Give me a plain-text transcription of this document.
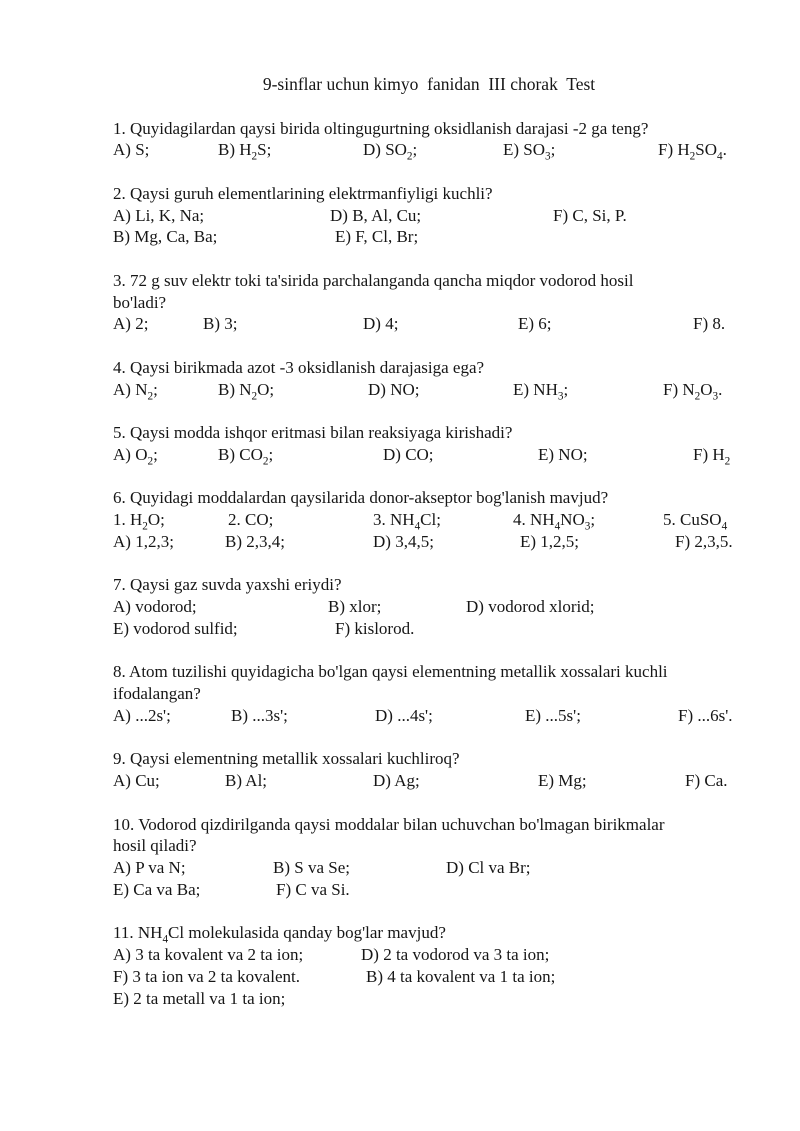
9-sinflar uchun kimyo  fanidan  III chorak  Test
1. Quyidagilardan qaysi birida oltingugurtning oksidlanish darajasi -2 ga teng?
A) S;	B) $H_2S$;	D) $SO_2$;	E) $SO_3$;	F) $H_2SO_4$.
2. Qaysi guruh elementlarining elektrmanfiyligi kuchli?
A) Li, K, Na;	D) B, Al, Cu;	F) C, Si, P.
B) Mg, Ca, Ba;	E) F, Cl, Br;
3. 72 g suv elektr toki ta'sirida parchalanganda qancha miqdor vodorod hosil
bo'ladi?
A) 2;	B) 3;	D) 4;	E) 6;	F) 8.
4. Qaysi birikmada azot -3 oksidlanish darajasiga ega?
A) $N_2$;	B) $N_2O$;	D) NO;	E) $NH_3$;	F) $N_2O_3$.
5. Qaysi modda ishqor eritmasi bilan reaksiyaga kirishadi?
A) $O_2$;	B) $CO_2$;	D) CO;	E) NO;	F) $H_2$
6. Quyidagi moddalardan qaysilarida donor-akseptor bog'lanish mavjud?
1. $H_2O$;	2. CO;	3. $NH_4Cl$;	4. $NH_4NO_3$;	5. CuSO$_4$
A) 1,2,3;	B) 2,3,4;	D) 3,4,5;	E) 1,2,5;	F) 2,3,5.
7. Qaysi gaz suvda yaxshi eriydi?
A) vodorod;	B) xlor;	D) vodorod xlorid;
E) vodorod sulfid;	F) kislorod.
8. Atom tuzilishi quyidagicha bo'lgan qaysi elementning metallik xossalari kuchli
ifodalangan?
A) ...2s';	B) ...3s';	D) ...4s';	E) ...5s';	F) ...6s'.
9. Qaysi elementning metallik xossalari kuchliroq?
A) Cu;	B) Al;	D) Ag;	E) Mg;	F) Ca.
10. Vodorod qizdirilganda qaysi moddalar bilan uchuvchan bo'lmagan birikmalar
hosil qiladi?
A) P va N;	B) S va Se;	D) Cl va Br;
E) Ca va Ba;	F) C va Si.
11. $NH_4Cl$ molekulasida qanday bog'lar mavjud?
A) 3 ta kovalent va 2 ta ion;	D) 2 ta vodorod va 3 ta ion;
F) 3 ta ion va 2 ta kovalent.	B) 4 ta kovalent va 1 ta ion;
E) 2 ta metall va 1 ta ion;
